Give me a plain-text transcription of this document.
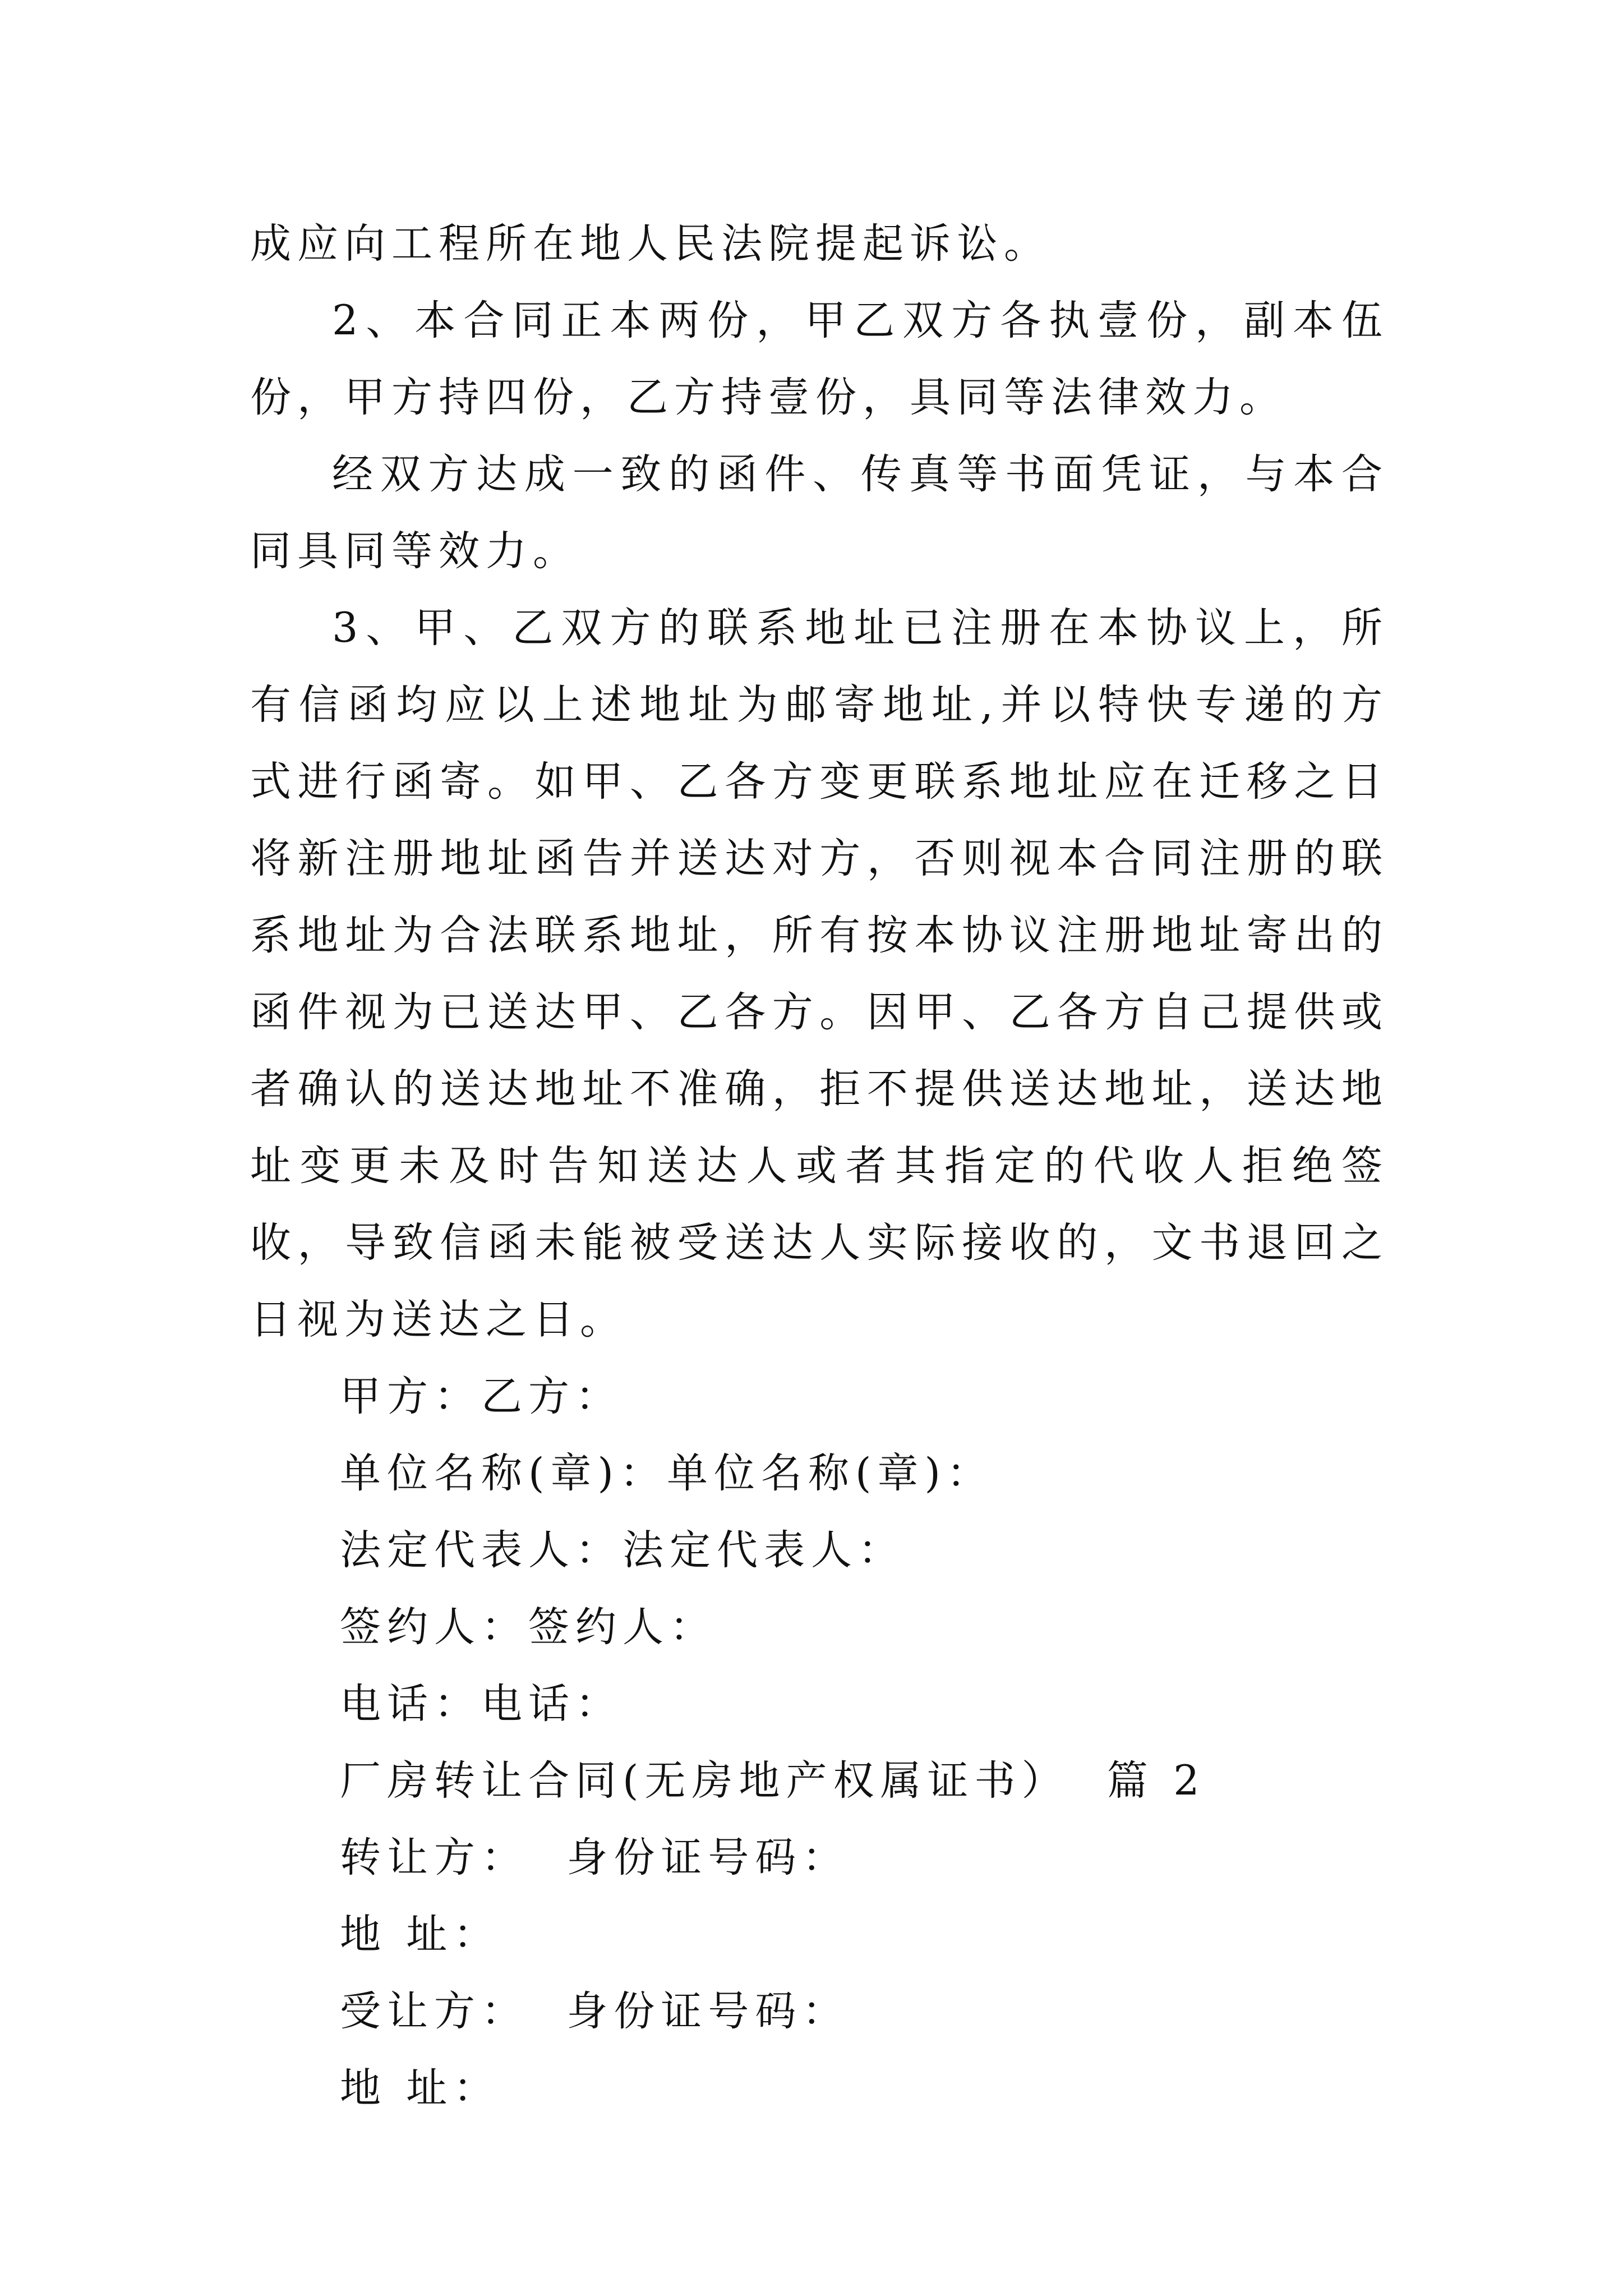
成应向工程所在地人民法院提起诉讼。

2、本合同正本两份，甲乙双方各执壹份，副本伍份，甲方持四份，乙方持壹份，具同等法律效力。

经双方达成一致的函件、传真等书面凭证，与本合同具同等效力。

3、甲、乙双方的联系地址已注册在本协议上，所有信函均应以上述地址为邮寄地址,并以特快专递的方式进行函寄。如甲、乙各方变更联系地址应在迁移之日将新注册地址函告并送达对方，否则视本合同注册的联系地址为合法联系地址，所有按本协议注册地址寄出的函件视为已送达甲、乙各方。因甲、乙各方自己提供或者确认的送达地址不准确，拒不提供送达地址，送达地址变更未及时告知送达人或者其指定的代收人拒绝签收，导致信函未能被受送达人实际接收的，文书退回之日视为送达之日。

甲方：乙方：

单位名称(章)：单位名称(章)：

法定代表人：法定代表人：

签约人：签约人：

电话：电话：

厂房转让合同(无房地产权属证书）  篇 2

转让方：  身份证号码：

地 址：

受让方：  身份证号码：

地 址：
